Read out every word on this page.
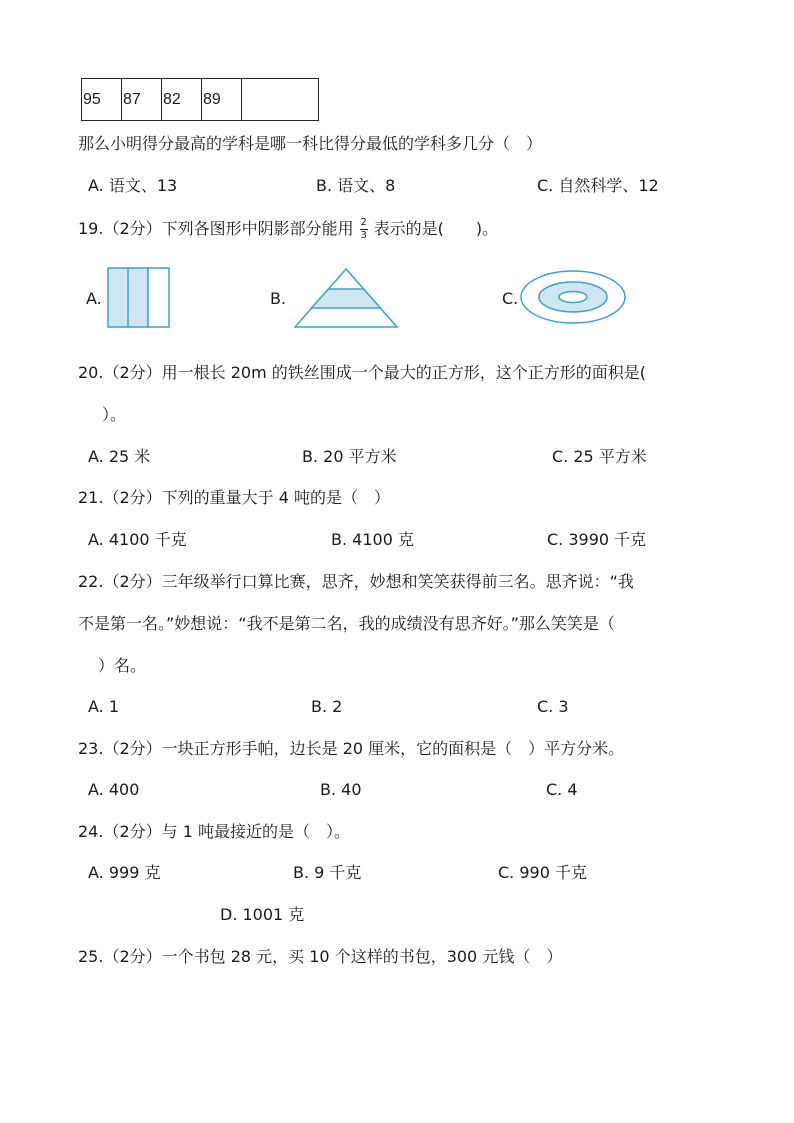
95	87	82	89	
那么小明得分最高的学科是哪一科比得分最低的学科多几分（　）
A. 语文、13	B. 语文、8	C. 自然科学、12
19.（2分）下列各图形中阴影部分能用 $\frac{2}{3}$ 表示的是(　　)。
A.	B.	C.
20.（2分）用一根长 20m 的铁丝围成一个最大的正方形，这个正方形的面积是(
）。
A. 25 米	B. 20 平方米	C. 25 平方米
21.（2分）下列的重量大于 4 吨的是（　）
A. 4100 千克	B. 4100 克	C. 3990 千克
22.（2分）三年级举行口算比赛，思齐，妙想和笑笑获得前三名。思齐说：“我
不是第一名。”妙想说：“我不是第二名，我的成绩没有思齐好。”那么笑笑是（
）名。
A. 1	B. 2	C. 3
23.（2分）一块正方形手帕，边长是 20 厘米，它的面积是（　）平方分米。
A. 400	B. 40	C. 4
24.（2分）与 1 吨最接近的是（　）。
A. 999 克	B. 9 千克	C. 990 千克
D. 1001 克
25.（2分）一个书包 28 元，买 10 个这样的书包，300 元钱（　）
